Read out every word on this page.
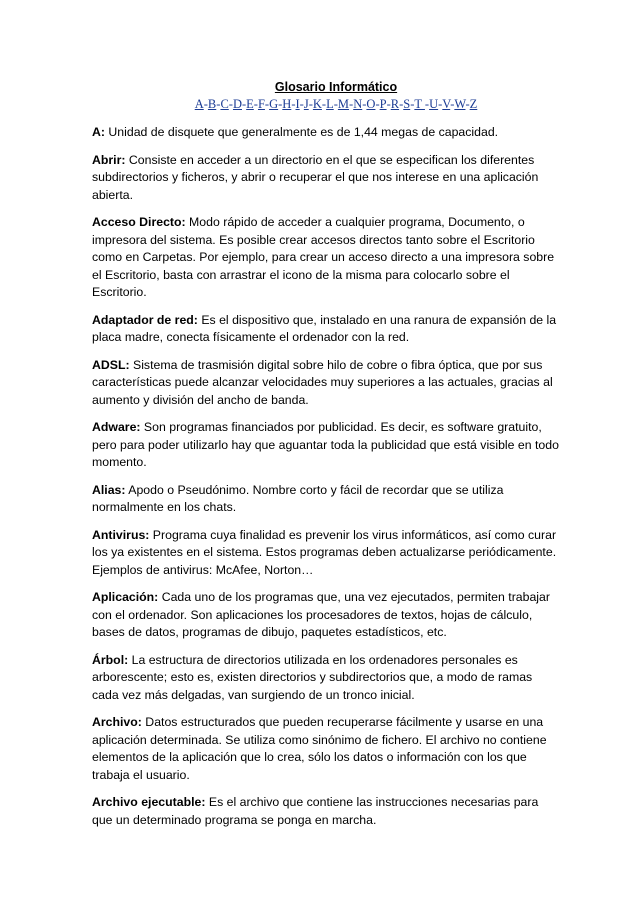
Glosario Informático
A-B-C-D-E-F-G-H-I-J-K-L-M-N-O-P-R-S-T -U-V-W-Z
A: Unidad de disquete que generalmente es de 1,44 megas de capacidad.
Abrir: Consiste en acceder a un directorio en el que se especifican los diferentes subdirectorios y ficheros, y abrir o recuperar el que nos interese en una aplicación abierta.
Acceso Directo: Modo rápido de acceder a cualquier programa, Documento, o impresora del sistema. Es posible crear accesos directos tanto sobre el Escritorio como en Carpetas. Por ejemplo, para crear un acceso directo a una impresora sobre el Escritorio, basta con arrastrar el icono de la misma para colocarlo sobre el Escritorio.
Adaptador de red: Es el dispositivo que, instalado en una ranura de expansión de la placa madre, conecta físicamente el ordenador con la red.
ADSL: Sistema de trasmisión digital sobre hilo de cobre o fibra óptica, que por sus características puede alcanzar velocidades muy superiores a las actuales, gracias al aumento y división del ancho de banda.
Adware: Son programas financiados por publicidad. Es decir, es software gratuito, pero para poder utilizarlo hay que aguantar toda la publicidad que está visible en todo momento.
Alias: Apodo o Pseudónimo. Nombre corto y fácil de recordar que se utiliza normalmente en los chats.
Antivirus: Programa cuya finalidad es prevenir los virus informáticos, así como curar los ya existentes en el sistema. Estos programas deben actualizarse periódicamente. Ejemplos de antivirus: McAfee, Norton…
Aplicación: Cada uno de los programas que, una vez ejecutados, permiten trabajar con el ordenador. Son aplicaciones los procesadores de textos, hojas de cálculo, bases de datos, programas de dibujo, paquetes estadísticos, etc.
Árbol: La estructura de directorios utilizada en los ordenadores personales es arborescente; esto es, existen directorios y subdirectorios que, a modo de ramas cada vez más delgadas, van surgiendo de un tronco inicial.
Archivo: Datos estructurados que pueden recuperarse fácilmente y usarse en una aplicación determinada. Se utiliza como sinónimo de fichero. El archivo no contiene elementos de la aplicación que lo crea, sólo los datos o información con los que trabaja el usuario.
Archivo ejecutable: Es el archivo que contiene las instrucciones necesarias para que un determinado programa se ponga en marcha.
